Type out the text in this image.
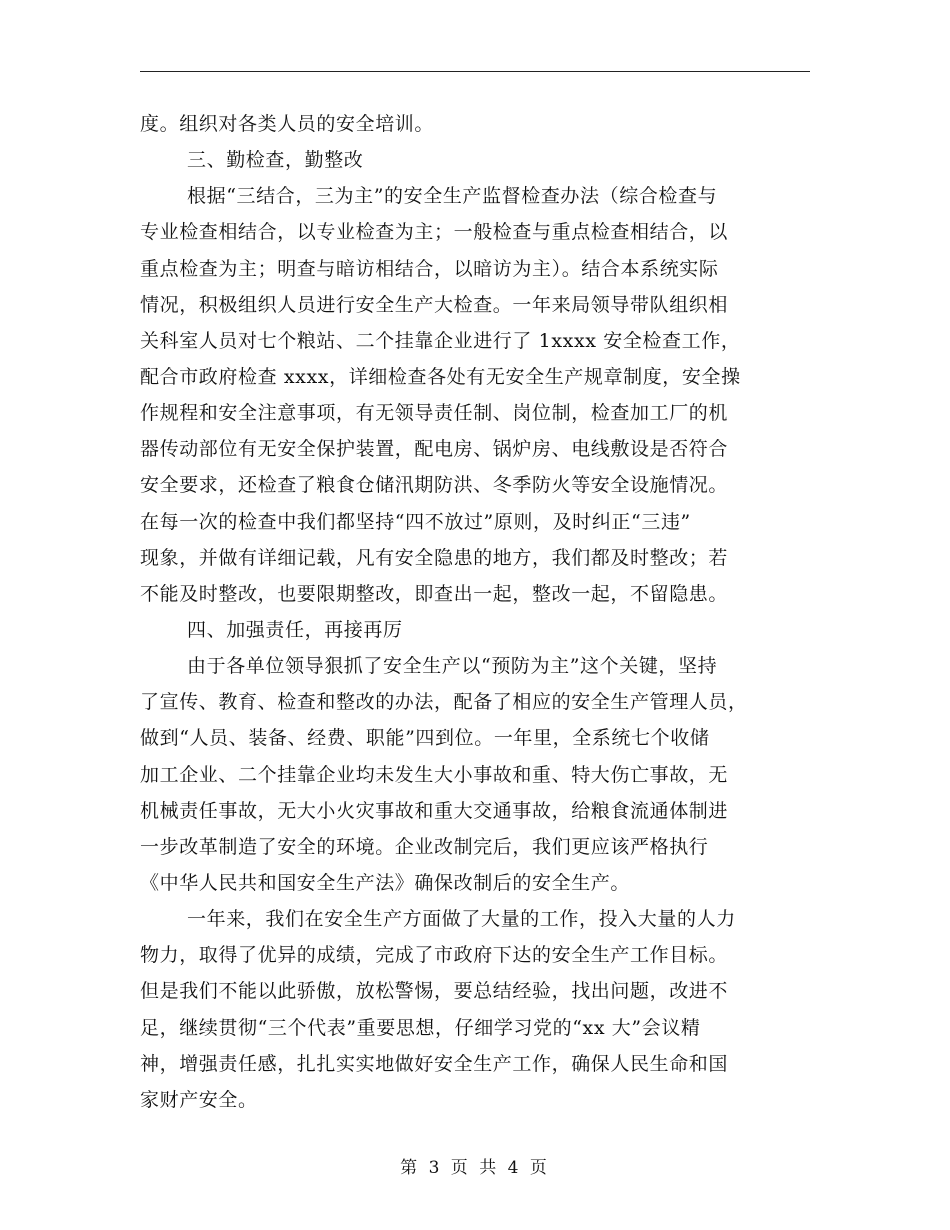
度。组织对各类人员的安全培训。
三、勤检查，勤整改
根据“三结合，三为主”的安全生产监督检查办法（综合检查与
专业检查相结合，以专业检查为主；一般检查与重点检查相结合，以
重点检查为主；明查与暗访相结合，以暗访为主）。结合本系统实际
情况，积极组织人员进行安全生产大检查。一年来局领导带队组织相
关科室人员对七个粮站、二个挂靠企业进行了 1xxxx 安全检查工作，
配合市政府检查 xxxx，详细检查各处有无安全生产规章制度，安全操
作规程和安全注意事项，有无领导责任制、岗位制，检查加工厂的机
器传动部位有无安全保护装置，配电房、锅炉房、电线敷设是否符合
安全要求，还检查了粮食仓储汛期防洪、冬季防火等安全设施情况。
在每一次的检查中我们都坚持“四不放过”原则，及时纠正“三违”
现象，并做有详细记载，凡有安全隐患的地方，我们都及时整改；若
不能及时整改，也要限期整改，即查出一起，整改一起，不留隐患。
四、加强责任，再接再厉
由于各单位领导狠抓了安全生产以“预防为主”这个关键，坚持
了宣传、教育、检查和整改的办法，配备了相应的安全生产管理人员，
做到“人员、装备、经费、职能”四到位。一年里，全系统七个收储
加工企业、二个挂靠企业均未发生大小事故和重、特大伤亡事故，无
机械责任事故，无大小火灾事故和重大交通事故，给粮食流通体制进
一步改革制造了安全的环境。企业改制完后，我们更应该严格执行
《中华人民共和国安全生产法》确保改制后的安全生产。
一年来，我们在安全生产方面做了大量的工作，投入大量的人力
物力，取得了优异的成绩，完成了市政府下达的安全生产工作目标。
但是我们不能以此骄傲，放松警惕，要总结经验，找出问题，改进不
足，继续贯彻“三个代表”重要思想，仔细学习党的“xx 大”会议精
神，增强责任感，扎扎实实地做好安全生产工作，确保人民生命和国
家财产安全。
第 3 页 共 4 页
